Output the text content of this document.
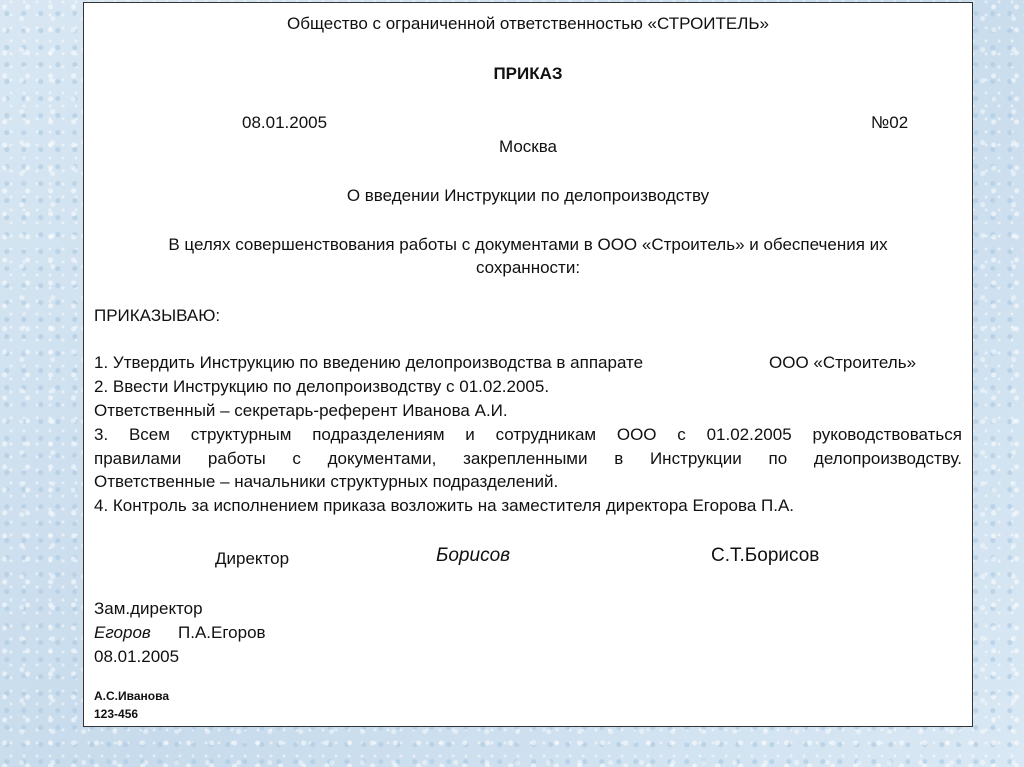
Общество с ограниченной ответственностью «СТРОИТЕЛЬ»
ПРИКАЗ
08.01.2005	№02
Москва
О введении Инструкции по делопроизводству
В целях совершенствования работы с документами в ООО «Строитель» и обеспечения их
сохранности:
ПРИКАЗЫВАЮ:
1. Утвердить Инструкцию по введению делопроизводства в аппарате	ООО «Строитель»
2. Ввести Инструкцию по делопроизводству с 01.02.2005.
Ответственный – секретарь-референт Иванова А.И.
3. Всем структурным подразделениям и сотрудникам ООО с 01.02.2005 руководствоваться
правилами работы с документами, закрепленными в Инструкции по делопроизводству.
Ответственные – начальники структурных подразделений.
4. Контроль за исполнением приказа возложить на заместителя директора Егорова П.А.
Директор	Борисов	С.Т.Борисов
Зам.директор
Егоров П.А.Егоров
08.01.2005
А.С.Иванова
123-456
